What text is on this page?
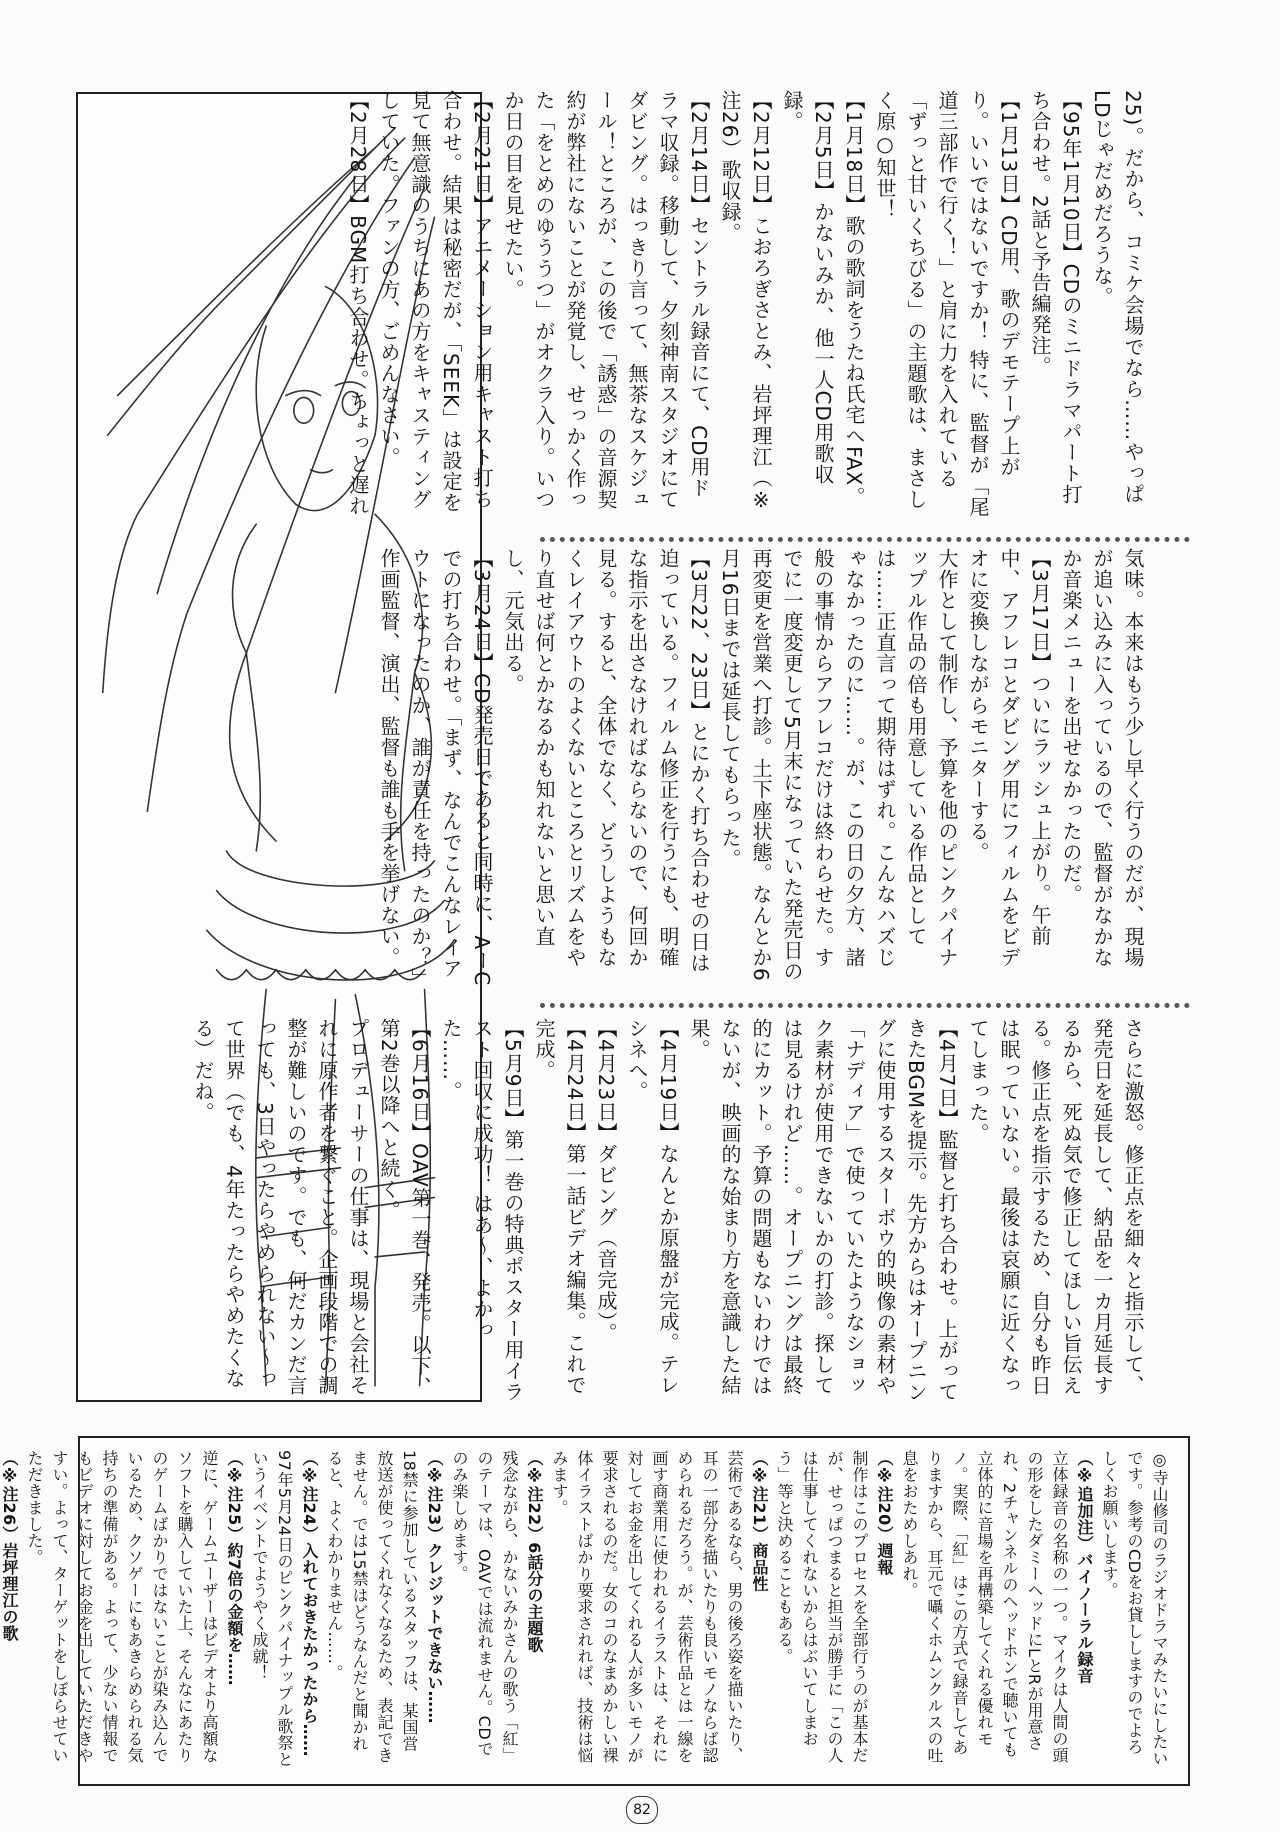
25)。だから、コミケ会場でなら……やっぱLDじゃだめだろうな。
【95年1月10日】CDのミニドラマパート打ち合わせ。2話と予告編発注。
【1月13日】CD用、歌のデモテープ上がり。いいではないですか！ 特に、監督が「尾道三部作で行く！」と肩に力を入れている「ずっと甘いくちびる」の主題歌は、まさしく原○知世！
【1月18日】歌の歌詞をうたね氏宅へFAX。
【2月5日】かないみか、他一人CD用歌収録。
【2月12日】こおろぎさとみ、岩坪理江（※注26）歌収録。
【2月14日】セントラル録音にて、CD用ドラマ収録。移動して、夕刻神南スタジオにてダビング。はっきり言って、無茶なスケジュール！ところが、この後で「誘惑」の音源契約が弊社にないことが発覚し、せっかく作った「をとめのゆううつ」がオクラ入り。いつか日の目を見せたい。
【2月21日】アニメーション用キャスト打ち合わせ。結果は秘密だが、「SEEK」は設定を見て無意識のうちにあの方をキャスティングしていた。ファンの方、ごめんなさい。
【2月28日】BGM打ち合わせ。ちょっと遅れ

気味。本来はもう少し早く行うのだが、現場が追い込みに入っているので、監督がなかなか音楽メニューを出せなかったのだ。
【3月17日】ついにラッシュ上がり。午前中、アフレコとダビング用にフィルムをビデオに変換しながらモニターする。
大作として制作し、予算を他のピンクパイナップル作品の倍も用意している作品としては……正直言って期待はずれ。こんなハズじゃなかったのに……。が、この日の夕方、諸般の事情からアフレコだけは終わらせた。すでに一度変更して5月末になっていた発売日の再変更を営業へ打診。土下座状態。なんとか6月16日までは延長してもらった。
【3月22、23日】とにかく打ち合わせの日は迫っている。フィルム修正を行うにも、明確な指示を出さなければならないので、何回か見る。すると、全体でなく、どうしようもなくレイアウトのよくないところとリズムをやり直せば何とかなるかも知れないと思い直し、元気出る。
【3月24日】CD発売日であると同時に、AーCでの打ち合わせ。「まず、なんでこんなレイアウトになったのか、誰が責任を持ったのか？」作画監督、演出、監督も誰も手を挙げない。

さらに激怒。修正点を細々と指示して、発売日を延長して、納品を一カ月延長するから、死ぬ気で修正してほしい旨伝える。修正点を指示するため、自分も昨日は眠っていない。最後は哀願に近くなってしまった。
【4月7日】監督と打ち合わせ。上がってきたBGMを提示。先方からはオープニングに使用するスターボウ的映像の素材や「ナディア」で使っていたようなショック素材が使用できないかの打診。探しては見るけれど……。オープニングは最終的にカット。予算の問題もないわけではないが、映画的な始まり方を意識した結果。
【4月19日】なんとか原盤が完成。テレシネへ。
【4月23日】ダビング（音完成）。
【4月24日】第一話ビデオ編集。これで完成。
【5月9日】第一巻の特典ポスター用イラスト回収に成功！ はあ〜、よかった……。
【6月16日】OAV第一巻、発売。以下、第2巻以降へと続く。
プロデューサーの仕事は、現場と会社それに原作者を繋ぐこと。企画段階での調整が難しいのです。でも、何だカンだ言っても、3日やったらやめられない〜って世界（でも、4年たったらやめたくなる）だね。

◎寺山修司のラジオドラマみたいにしたいです。参考のCDをお貸ししますのでよろしくお願いします。

（※追加注）バイノーラル録音
立体録音の名称の一つ。マイクは人間の頭の形をしたダミーヘッドにLとRが用意され、2チャンネルのヘッドホンで聴いても立体的に音場を再構築してくれる優れモノ。実際、「紅」はこの方式で録音してありますから、耳元で囁くホムンクルスの吐息をおためしあれ。

（※注20）週報
制作はこのプロセスを全部行うのが基本だが、せっぱつまると担当が勝手に「この人は仕事してくれないからはぶいてしまおう」等と決めることもある。

（※注21）商品性
芸術であるなら、男の後ろ姿を描いたり、耳の一部分を描いたりも良いモノならば認められるだろう。が、芸術作品とは一線を画す商業用に使われるイラストは、それに対してお金を出してくれる人が多いモノが要求されるのだ。女のコのなまめかしい裸体イラストばかり要求されれば、技術は悩みます。

（※注22）6話分の主題歌
残念ながら、かないみかさんの歌う「紅」のテーマは、OAVでは流れません。CDでのみ楽しめます。

（※注23）クレジットできない……
18禁に参加しているスタッフは、某国営放送が使ってくれなくなるため、表記できません。では15禁はどうなんだと聞かれると、よくわかりません……。

（※注24）入れておきたかったから……
97年5月24日のピンクパイナップル歌祭というイベントでようやく成就！

（※注25）約7倍の金額を……
逆に、ゲームユーザーはビデオより高額なソフトを購入していた上、そんなにあたりのゲームばかりではないことが染み込んでいるため、クソゲーにもあきらめられる気持ちの準備がある。よって、少ない情報でもビデオに対してお金を出していただきやすい。よって、ターゲットをしぼらせていただきました。

（※注26）岩坪理江の歌

82
